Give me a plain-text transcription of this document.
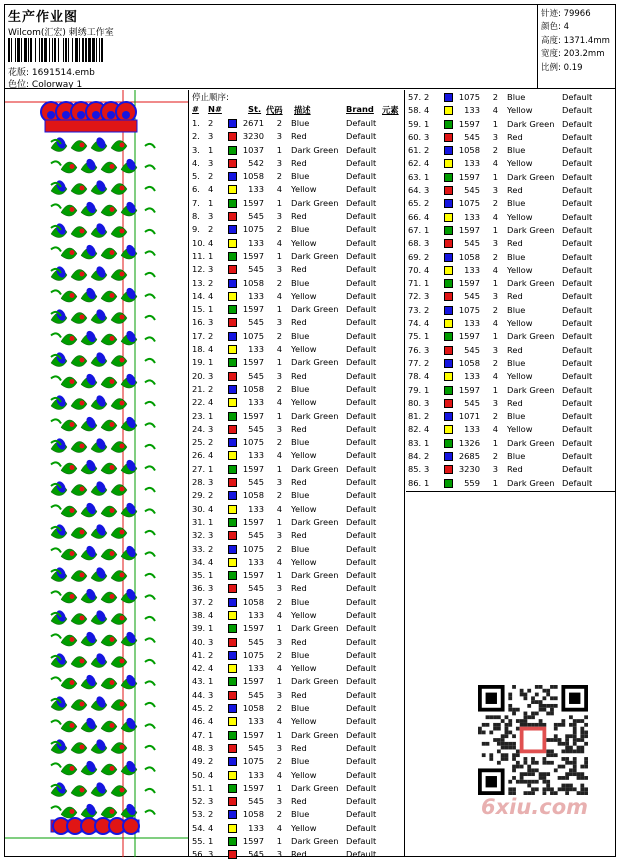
生产作业图
Wilcom(汇宏) 刺绣工作室
花版: 1691514.emb
色位: Colorway 1
针迹: 79966
颜色: 4
高度: 1371.4mm
宽度: 203.2mm
比例: 0.19
停止顺序:
# N#	St. 代码 描述	Brand 元素
1. 2	2671	2 Blue	Default
2. 3	3230	3 Red	Default
3. 1	1037	1 Dark Green Default
4. 3	542	3 Red	Default
5. 2	1058	2 Blue	Default
6. 4	133	4 Yellow	Default
7. 1	1597	1 Dark Green Default
8. 3	545	3 Red	Default
9. 2	1075	2 Blue	Default
10. 4	133	4 Yellow	Default
11. 1	1597	1 Dark Green Default
12. 3	545	3 Red	Default
13. 2	1058	2 Blue	Default
14. 4	133	4 Yellow	Default
15. 1	1597	1 Dark Green Default
16. 3	545	3 Red	Default
17. 2	1075	2 Blue	Default
18. 4	133	4 Yellow	Default
19. 1	1597	1 Dark Green Default
20. 3	545	3 Red	Default
21. 2	1058	2 Blue	Default
22. 4	133	4 Yellow	Default
23. 1	1597	1 Dark Green Default
24. 3	545	3 Red	Default
25. 2	1075	2 Blue	Default
26. 4	133	4 Yellow	Default
27. 1	1597	1 Dark Green Default
28. 3	545	3 Red	Default
29. 2	1058	2 Blue	Default
30. 4	133	4 Yellow	Default
31. 1	1597	1 Dark Green Default
32. 3	545	3 Red	Default
33. 2	1075	2 Blue	Default
34. 4	133	4 Yellow	Default
35. 1	1597	1 Dark Green Default
36. 3	545	3 Red	Default
37. 2	1058	2 Blue	Default
38. 4	133	4 Yellow	Default
39. 1	1597	1 Dark Green Default
40. 3	545	3 Red	Default
41. 2	1075	2 Blue	Default
42. 4	133	4 Yellow	Default
43. 1	1597	1 Dark Green Default
44. 3	545	3 Red	Default
45. 2	1058	2 Blue	Default
46. 4	133	4 Yellow	Default
47. 1	1597	1 Dark Green Default
48. 3	545	3 Red	Default
49. 2	1075	2 Blue	Default
50. 4	133	4 Yellow	Default
51. 1	1597	1 Dark Green Default
52. 3	545	3 Red	Default
53. 2	1058	2 Blue	Default
54. 4	133	4 Yellow	Default
55. 1	1597	1 Dark Green Default
56. 3	545	3 Red	Default
57. 2	1075	2 Blue	Default
58. 4	133	4 Yellow	Default
59. 1	1597	1 Dark Green Default
60. 3	545	3 Red	Default
61. 2	1058	2 Blue	Default
62. 4	133	4 Yellow	Default
63. 1	1597	1 Dark Green Default
64. 3	545	3 Red	Default
65. 2	1075	2 Blue	Default
66. 4	133	4 Yellow	Default
67. 1	1597	1 Dark Green Default
68. 3	545	3 Red	Default
69. 2	1058	2 Blue	Default
70. 4	133	4 Yellow	Default
71. 1	1597	1 Dark Green Default
72. 3	545	3 Red	Default
73. 2	1075	2 Blue	Default
74. 4	133	4 Yellow	Default
75. 1	1597	1 Dark Green Default
76. 3	545	3 Red	Default
77. 2	1058	2 Blue	Default
78. 4	133	4 Yellow	Default
79. 1	1597	1 Dark Green Default
80. 3	545	3 Red	Default
81. 2	1071	2 Blue	Default
82. 4	133	4 Yellow	Default
83. 1	1326	1 Dark Green Default
84. 2	2685	2 Blue	Default
85. 3	3230	3 Red	Default
86. 1	559	1 Dark Green Default
6xiu.com
